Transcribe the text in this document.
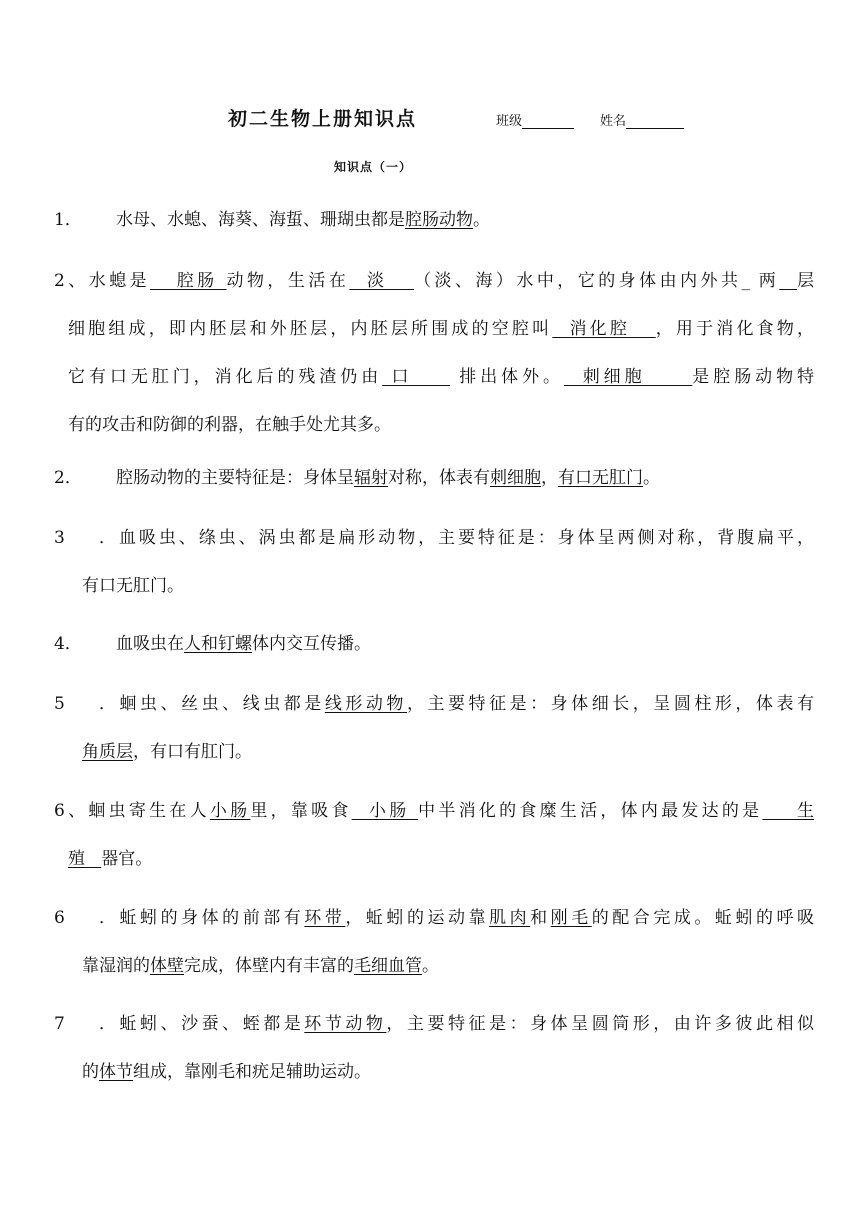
初二生物上册知识点	班级	姓名
知识点（一）
1． 水母、水螅、海葵、海蜇、珊瑚虫都是腔肠动物。
2、水螅是   腔肠 动物，生活在  淡   （淡、海）水中，它的身体由内外共_ 两 层
细胞组成，即内胚层和外胚层，内胚层所围成的空腔叫  消化腔   ，用于消化食物，
它有口无肛门，消化后的残渣仍由 口     排出体外。  刺细胞     是腔肠动物特
有的攻击和防御的利器，在触手处尤其多。
2． 腔肠动物的主要特征是：身体呈辐射对称，体表有刺细胞，有口无肛门。
3．血吸虫、绦虫、涡虫都是扁形动物，主要特征是：身体呈两侧对称，背腹扁平，
有口无肛门。
4． 血吸虫在人和钉螺体内交互传播。
5．蛔虫、丝虫、线虫都是线形动物，主要特征是：身体细长，呈圆柱形，体表有
角质层，有口有肛门。
6、蛔虫寄生在人小肠里，靠吸食  小肠 中半消化的食糜生活，体内最发达的是    生
殖   器官。
6．蚯蚓的身体的前部有环带，蚯蚓的运动靠肌肉和刚毛的配合完成。蚯蚓的呼吸
靠湿润的体壁完成，体壁内有丰富的毛细血管。
7．蚯蚓、沙蚕、蛭都是环节动物，主要特征是：身体呈圆筒形，由许多彼此相似
的体节组成，靠刚毛和疣足辅助运动。
